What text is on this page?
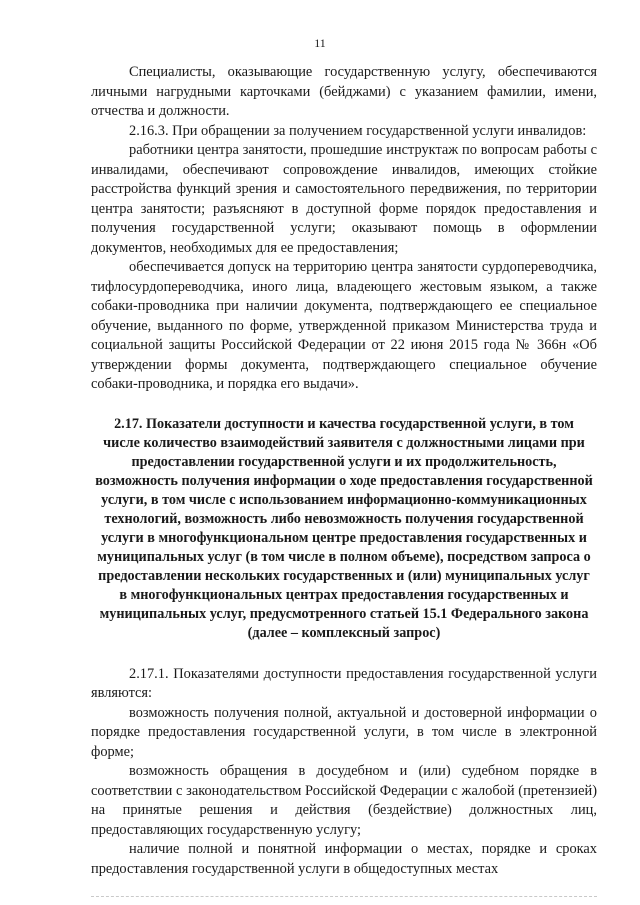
11

Специалисты, оказывающие государственную услугу, обеспечиваются личными нагрудными карточками (бейджами) с указанием фамилии, имени, отчества и должности.

2.16.3. При обращении за получением государственной услуги инвалидов:

работники центра занятости, прошедшие инструктаж по вопросам работы с инвалидами, обеспечивают сопровождение инвалидов, имеющих стойкие расстройства функций зрения и самостоятельного передвижения, по территории центра занятости; разъясняют в доступной форме порядок предоставления и получения государственной услуги; оказывают помощь в оформлении документов, необходимых для ее предоставления;

обеспечивается допуск на территорию центра занятости сурдопереводчика, тифлосурдопереводчика, иного лица, владеющего жестовым языком, а также собаки-проводника при наличии документа, подтверждающего ее специальное обучение, выданного по форме, утвержденной приказом Министерства труда и социальной защиты Российской Федерации от 22 июня 2015 года № 366н «Об утверждении формы документа, подтверждающего специальное обучение собаки-проводника, и порядка его выдачи».

2.17. Показатели доступности и качества государственной услуги, в том числе количество взаимодействий заявителя с должностными лицами при предоставлении государственной услуги и их продолжительность, возможность получения информации о ходе предоставления государственной услуги, в том числе с использованием информационно-коммуникационных технологий, возможность либо невозможность получения государственной услуги в многофункциональном центре предоставления государственных и муниципальных услуг (в том числе в полном объеме), посредством запроса о предоставлении нескольких государственных и (или) муниципальных услуг в многофункциональных центрах предоставления государственных и муниципальных услуг, предусмотренного статьей 15.1 Федерального закона (далее – комплексный запрос)

2.17.1. Показателями доступности предоставления государственной услуги являются:

возможность получения полной, актуальной и достоверной информации о порядке предоставления государственной услуги, в том числе в электронной форме;

возможность обращения в досудебном и (или) судебном порядке в соответствии с законодательством Российской Федерации с жалобой (претензией) на принятые решения и действия (бездействие) должностных лиц, предоставляющих государственную услугу;

наличие полной и понятной информации о местах, порядке и сроках предоставления государственной услуги в общедоступных местах
